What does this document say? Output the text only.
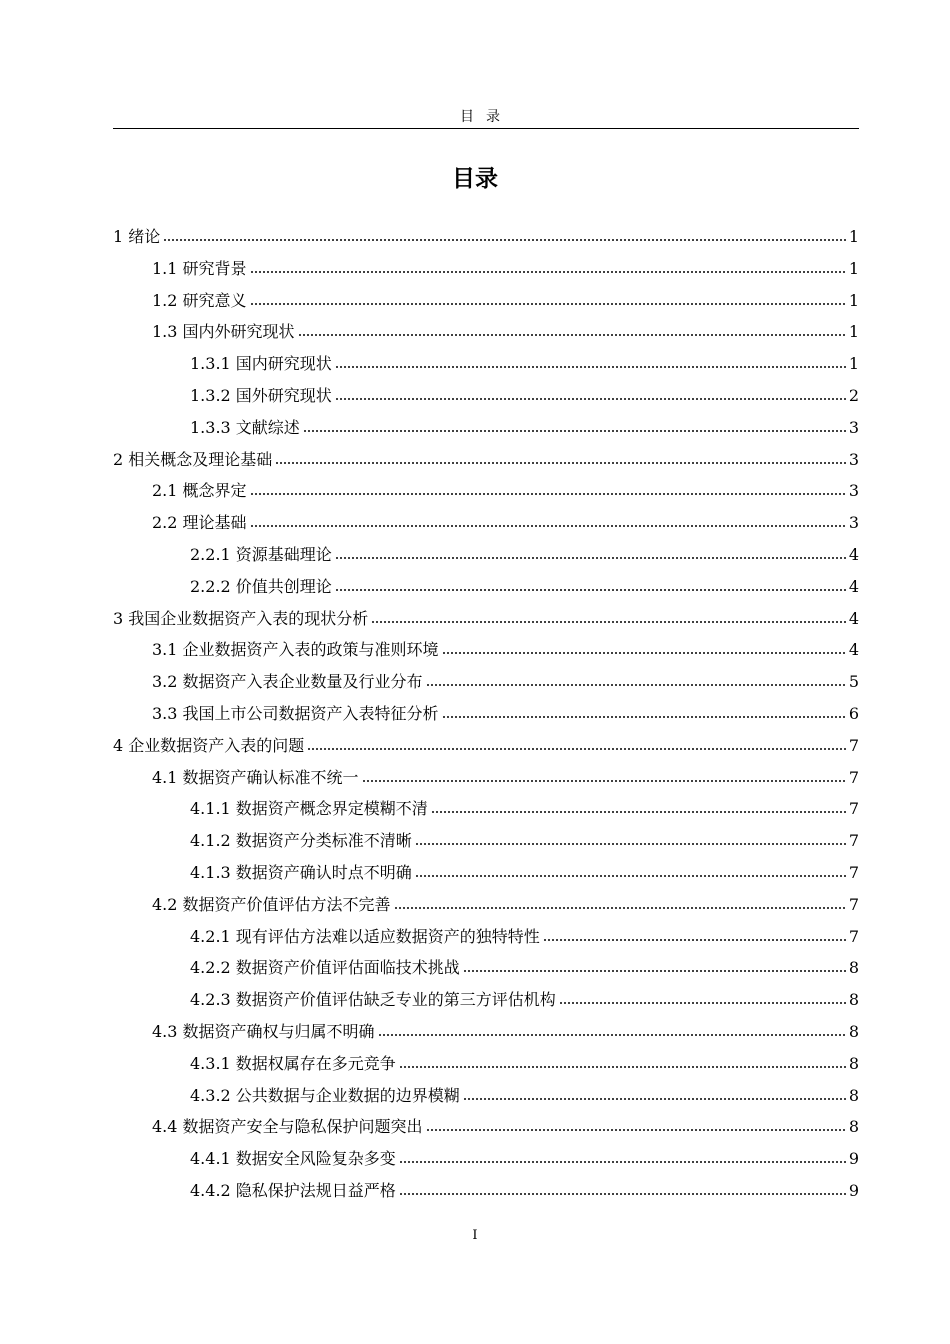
目录
目录
1 绪论	1
1.1 研究背景	1
1.2 研究意义	1
1.3 国内外研究现状	1
1.3.1 国内研究现状	1
1.3.2 国外研究现状	2
1.3.3 文献综述	3
2 相关概念及理论基础	3
2.1 概念界定	3
2.2 理论基础	3
2.2.1 资源基础理论	4
2.2.2 价值共创理论	4
3 我国企业数据资产入表的现状分析	4
3.1 企业数据资产入表的政策与准则环境	4
3.2 数据资产入表企业数量及行业分布	5
3.3 我国上市公司数据资产入表特征分析	6
4 企业数据资产入表的问题	7
4.1 数据资产确认标准不统一	7
4.1.1 数据资产概念界定模糊不清	7
4.1.2 数据资产分类标准不清晰	7
4.1.3 数据资产确认时点不明确	7
4.2 数据资产价值评估方法不完善	7
4.2.1 现有评估方法难以适应数据资产的独特特性	7
4.2.2 数据资产价值评估面临技术挑战	8
4.2.3 数据资产价值评估缺乏专业的第三方评估机构	8
4.3 数据资产确权与归属不明确	8
4.3.1 数据权属存在多元竞争	8
4.3.2 公共数据与企业数据的边界模糊	8
4.4 数据资产安全与隐私保护问题突出	8
4.4.1 数据安全风险复杂多变	9
4.4.2 隐私保护法规日益严格	9
I
